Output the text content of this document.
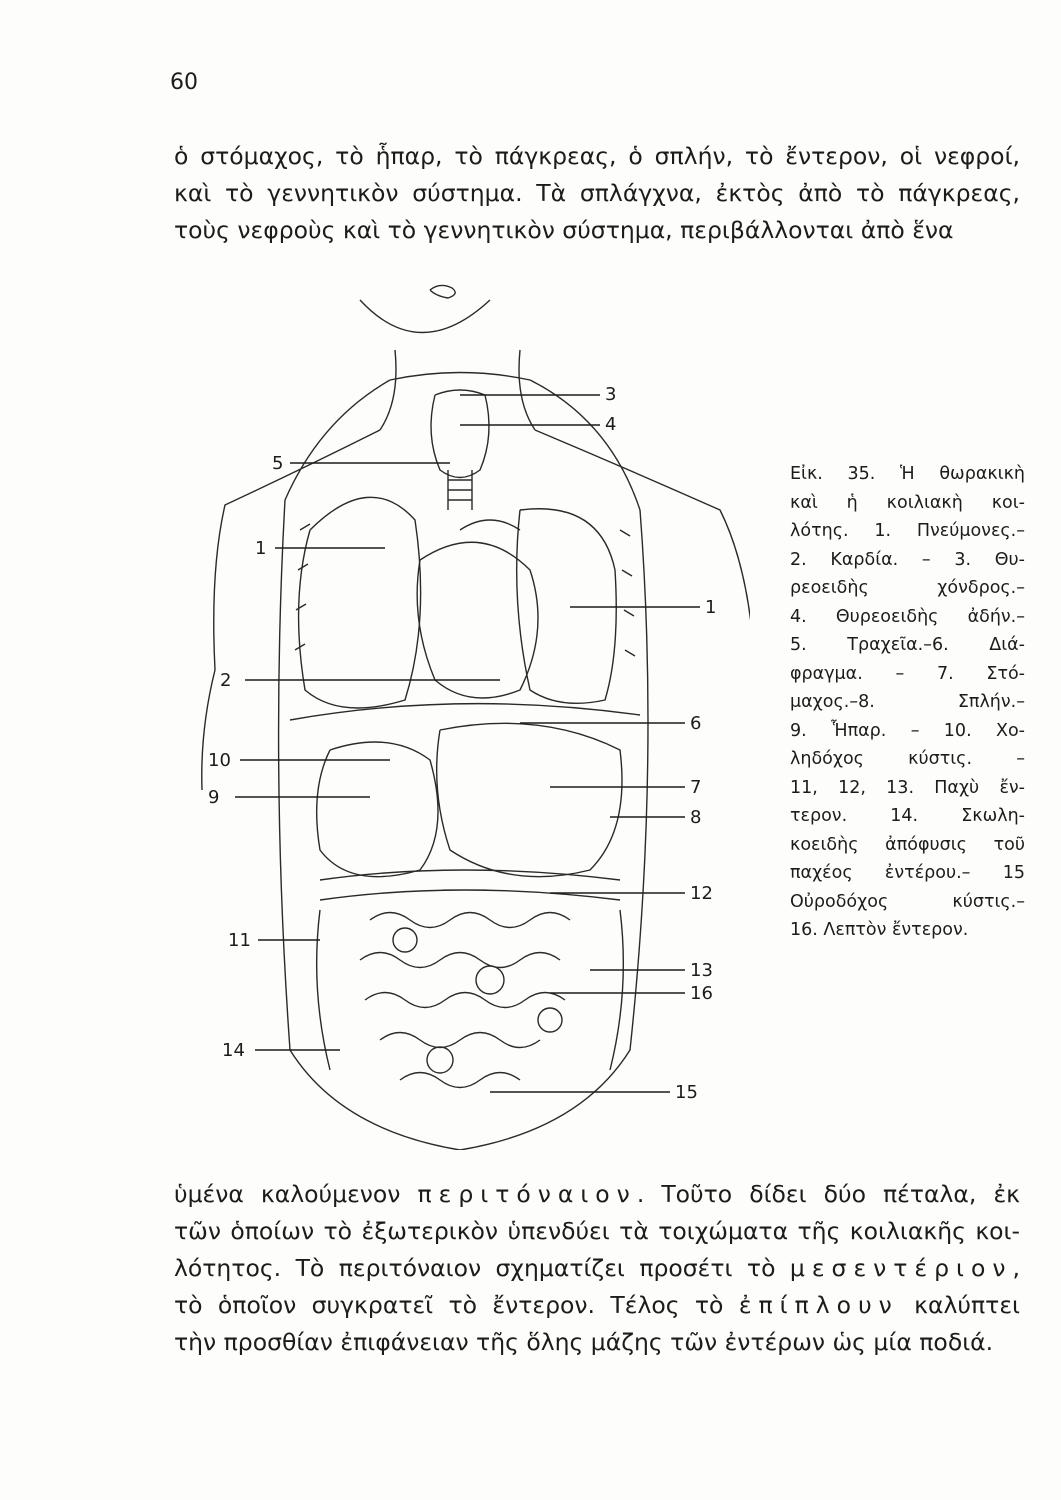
60
ὁ στόμαχος, τὸ ἧπαρ, τὸ πάγκρεας, ὁ σπλήν, τὸ ἔντερον, οἱ νεφροί,
καὶ τὸ γεννητικὸν σύστημα. Τὰ σπλάγχνα, ἐκτὸς ἀπὸ τὸ πάγκρεας,
τοὺς νεφροὺς καὶ τὸ γεννητικὸν σύστημα, περιβάλλονται ἀπὸ ἕνα
3
4
5
1
1
2
6
10
7
9
8
12
11
13
16
14
15
Εἰκ. 35. Ἡ θωρακικὴ
καὶ ἡ κοιλιακὴ κοι-
λότης. 1. Πνεύμονες.–
2. Καρδία. – 3. Θυ-
ρεοειδὴς χόνδρος.–
4. Θυρεοειδὴς ἀδήν.–
5. Τραχεῖα.–6. Διά-
φραγμα. – 7. Στό-
μαχος.–8. Σπλήν.–
9. Ἧπαρ. – 10. Χο-
ληδόχος κύστις. –
11, 12, 13. Παχὺ ἔν-
τερον. 14. Σκωλη-
κοειδὴς ἀπόφυσις τοῦ
παχέος ἐντέρου.– 15
Οὐροδόχος κύστις.–
16. Λεπτὸν ἔντερον.
ὑμένα καλούμενον περιτόναιον. Τοῦτο δίδει δύο πέταλα, ἐκ
τῶν ὁποίων τὸ ἐξωτερικὸν ὑπενδύει τὰ τοιχώματα τῆς κοιλιακῆς κοι-
λότητος. Τὸ περιτόναιον σχηματίζει προσέτι τὸ μεσεντέριον,
τὸ ὁποῖον συγκρατεῖ τὸ ἔντερον. Τέλος τὸ ἐπίπλουν καλύπτει
τὴν προσθίαν ἐπιφάνειαν τῆς ὅλης μάζης τῶν ἐντέρων ὡς μία ποδιά.
